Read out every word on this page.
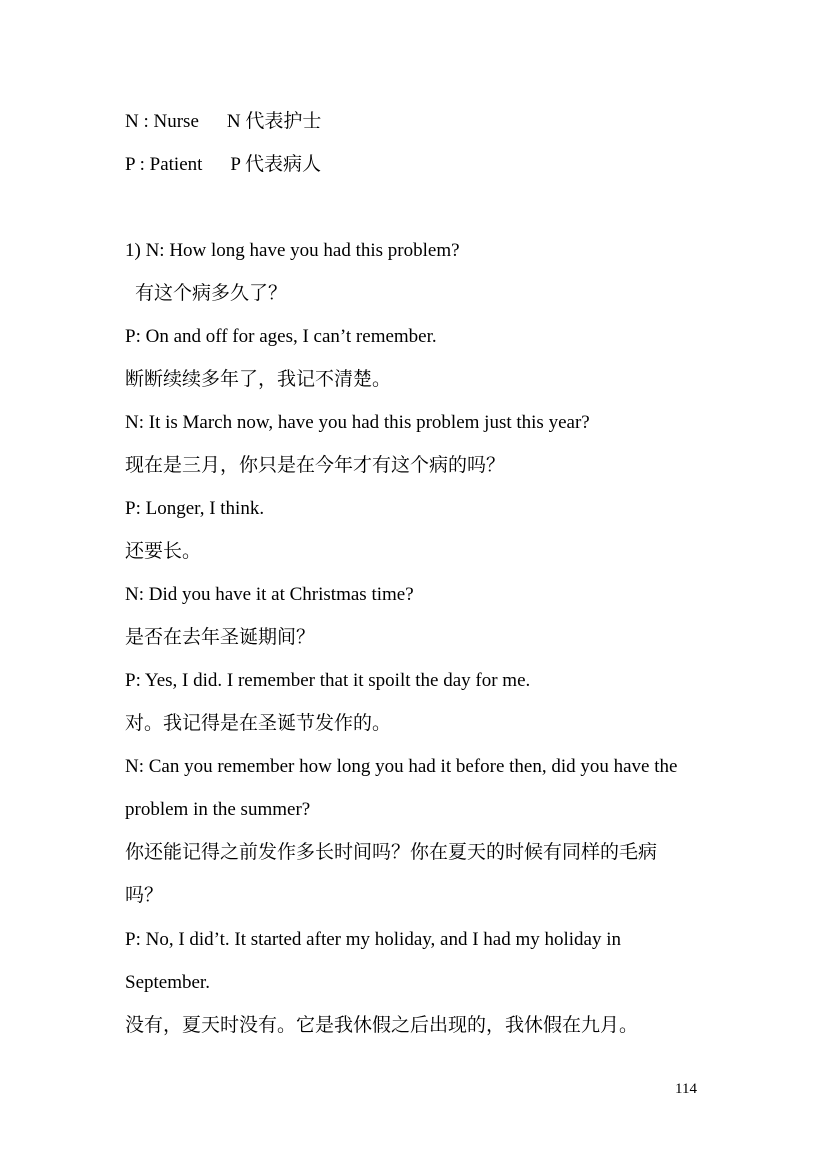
N : Nurse N 代表护士
P : Patient P 代表病人
1) N: How long have you had this problem?
有这个病多久了？
P: On and off for ages, I can’t remember.
断断续续多年了，我记不清楚。
N: It is March now, have you had this problem just this year?
现在是三月，你只是在今年才有这个病的吗？
P: Longer, I think.
还要长。
N: Did you have it at Christmas time?
是否在去年圣诞期间？
P: Yes, I did. I remember that it spoilt the day for me.
对。我记得是在圣诞节发作的。
N: Can you remember how long you had it before then, did you have the
problem in the summer?
你还能记得之前发作多长时间吗？你在夏天的时候有同样的毛病
吗？
P: No, I did’t. It started after my holiday, and I had my holiday in
September.
没有，夏天时没有。它是我休假之后出现的，我休假在九月。
114
